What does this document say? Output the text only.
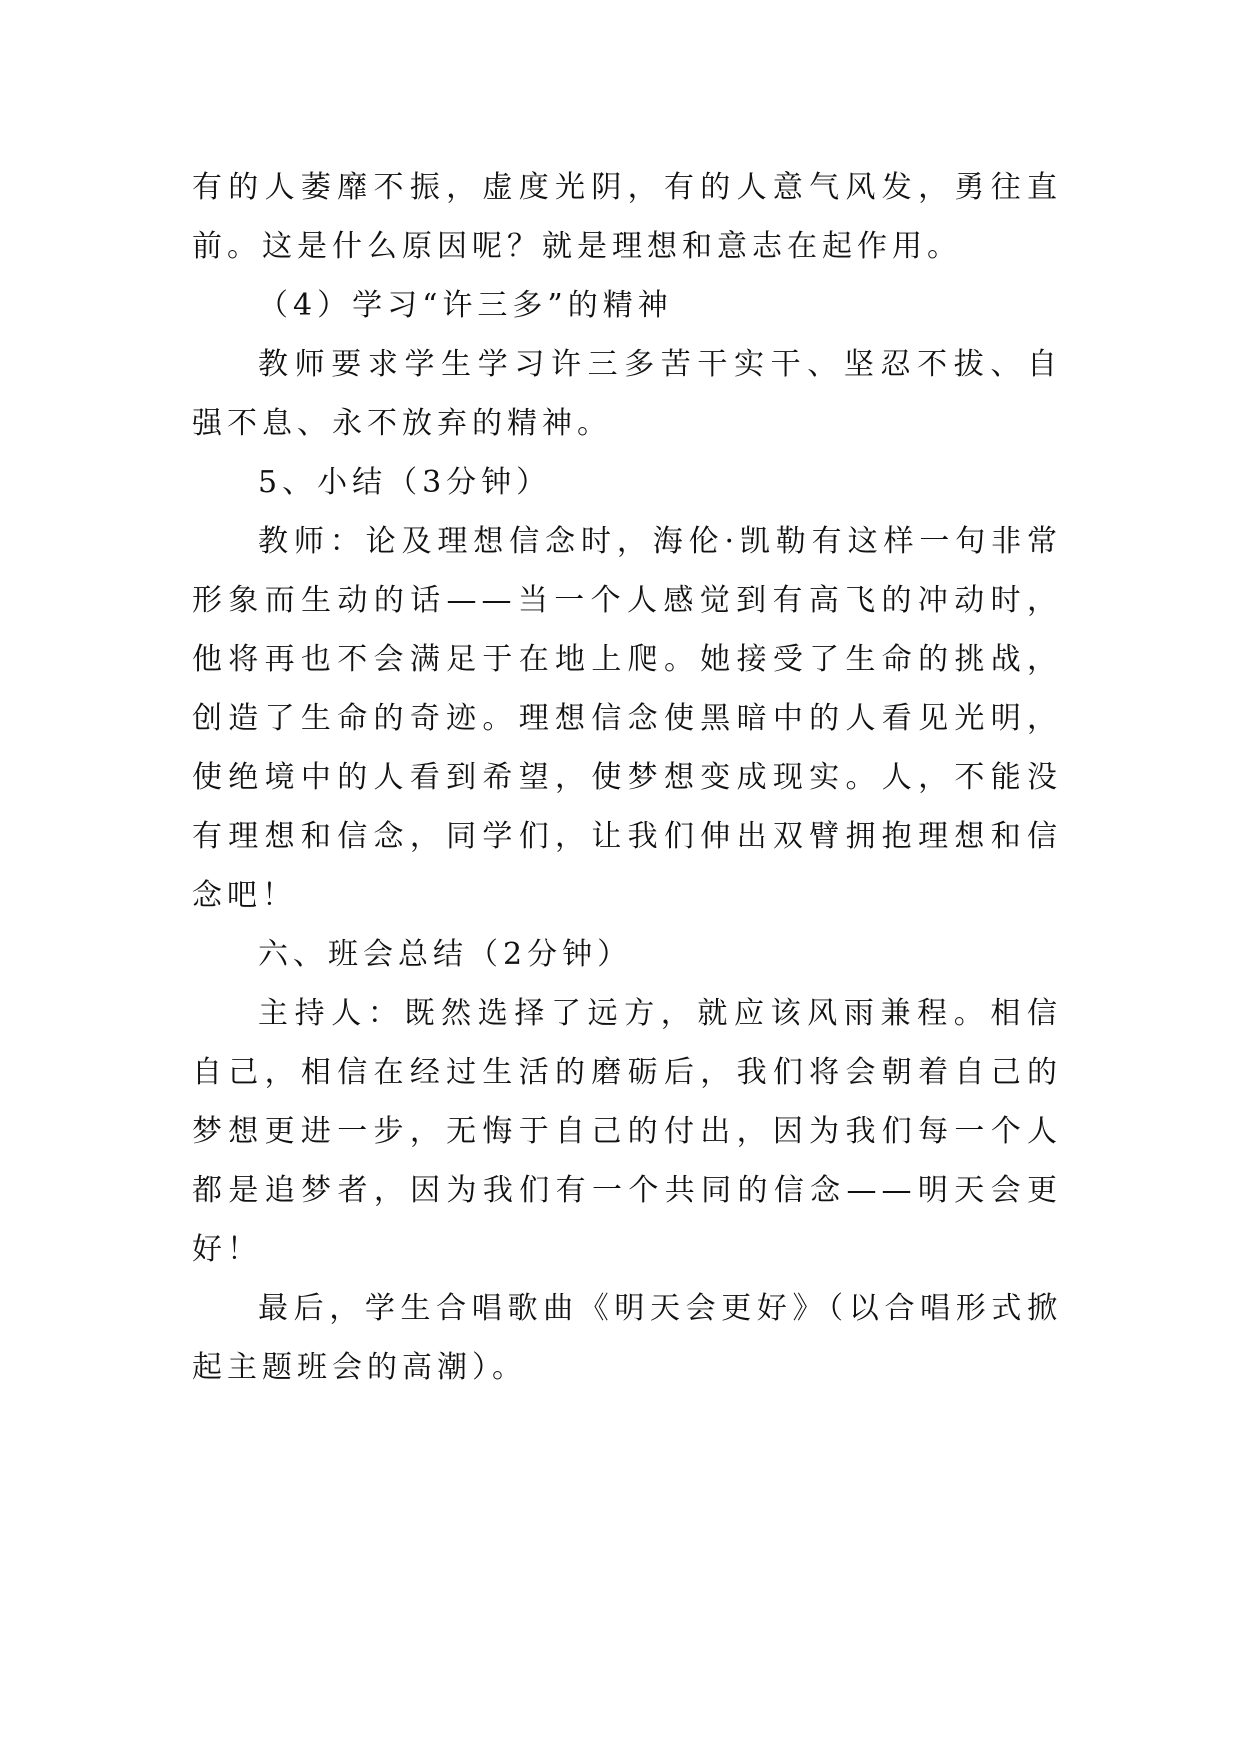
有的人萎靡不振，虚度光阴，有的人意气风发，勇往直前。这是什么原因呢？就是理想和意志在起作用。

（4）学习“许三多”的精神

教师要求学生学习许三多苦干实干、坚忍不拔、自强不息、永不放弃的精神。

5、小结（3分钟）

教师：论及理想信念时，海伦·凯勒有这样一句非常形象而生动的话——当一个人感觉到有高飞的冲动时，他将再也不会满足于在地上爬。她接受了生命的挑战，创造了生命的奇迹。理想信念使黑暗中的人看见光明，使绝境中的人看到希望，使梦想变成现实。人，不能没有理想和信念，同学们，让我们伸出双臂拥抱理想和信念吧！

六、班会总结（2分钟）

主持人：既然选择了远方，就应该风雨兼程。相信自己，相信在经过生活的磨砺后，我们将会朝着自己的梦想更进一步，无悔于自己的付出，因为我们每一个人都是追梦者，因为我们有一个共同的信念——明天会更好！

最后，学生合唱歌曲《明天会更好》（以合唱形式掀起主题班会的高潮）。
